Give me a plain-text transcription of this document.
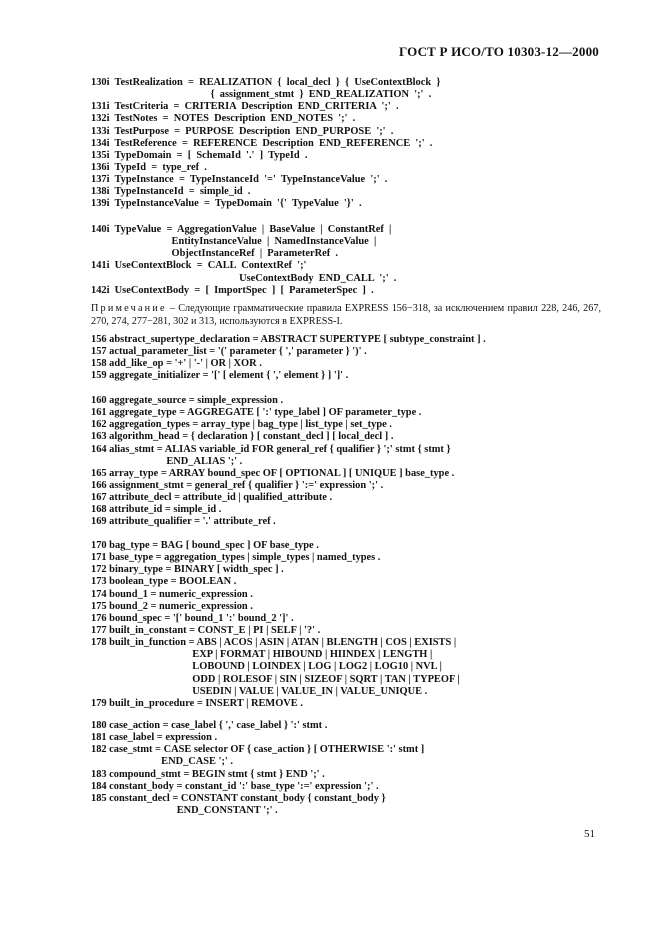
ГОСТ Р ИСО/ТО 10303-12—2000
130i  TestRealization  =  REALIZATION  {  local_decl  }  {  UseContextBlock  }
{  assignment_stmt  }  END_REALIZATION  ';'  .
131i  TestCriteria  =  CRITERIA  Description  END_CRITERIA  ';'  .
132i  TestNotes  =  NOTES  Description  END_NOTES  ';'  .
133i  TestPurpose  =  PURPOSE  Description  END_PURPOSE  ';'  .
134i  TestReference  =  REFERENCE  Description  END_REFERENCE  ';'  .
135i  TypeDomain  =  [  SchemaId  '.'  ]  TypeId  .
136i  TypeId  =  type_ref  .
137i  TypeInstance  =  TypeInstanceId  '='  TypeInstanceValue  ';'  .
138i  TypeInstanceId  =  simple_id  .
139i  TypeInstanceValue  =  TypeDomain  '{'  TypeValue  '}'  .
140i  TypeValue  =  AggregationValue  |  BaseValue  |  ConstantRef  |
EntityInstanceValue  |  NamedInstanceValue  |
ObjectInstanceRef  |  ParameterRef  .
141i  UseContextBlock  =  CALL  ContextRef  ';'
UseContextBody  END_CALL  ';'  .
142i  UseContextBody  =  [  ImportSpec  ]  [  ParameterSpec  ]  .
Примечание – Следующие грамматические правила EXPRESS 156−318, за исключением правил 228, 246, 267, 270, 274, 277−281, 302 и 313, используются в EXPRESS-I.
156 abstract_supertype_declaration = ABSTRACT SUPERTYPE [ subtype_constraint ] .
157 actual_parameter_list = '(' parameter { ',' parameter } ')' .
158 add_like_op = '+' | '-' | OR | XOR .
159 aggregate_initializer = '[' [ element { ',' element } ] ']' .
160 aggregate_source = simple_expression .
161 aggregate_type = AGGREGATE [ ':' type_label ] OF parameter_type .
162 aggregation_types = array_type | bag_type | list_type | set_type .
163 algorithm_head = { declaration } [ constant_decl ] [ local_decl ] .
164 alias_stmt = ALIAS variable_id FOR general_ref { qualifier } ';' stmt { stmt }
END_ALIAS ';' .
165 array_type = ARRAY bound_spec OF [ OPTIONAL ] [ UNIQUE ] base_type .
166 assignment_stmt = general_ref { qualifier } ':=' expression ';' .
167 attribute_decl = attribute_id | qualified_attribute .
168 attribute_id = simple_id .
169 attribute_qualifier = '.' attribute_ref .
170 bag_type = BAG [ bound_spec ] OF base_type .
171 base_type = aggregation_types | simple_types | named_types .
172 binary_type = BINARY [ width_spec ] .
173 boolean_type = BOOLEAN .
174 bound_1 = numeric_expression .
175 bound_2 = numeric_expression .
176 bound_spec = '[' bound_1 ':' bound_2 ']' .
177 built_in_constant = CONST_E | PI | SELF | '?' .
178 built_in_function = ABS | ACOS | ASIN | ATAN | BLENGTH | COS | EXISTS |
EXP | FORMAT | HIBOUND | HIINDEX | LENGTH |
LOBOUND | LOINDEX | LOG | LOG2 | LOG10 | NVL |
ODD | ROLESOF | SIN | SIZEOF | SQRT | TAN | TYPEOF |
USEDIN | VALUE | VALUE_IN | VALUE_UNIQUE .
179 built_in_procedure = INSERT | REMOVE .
180 case_action = case_label { ',' case_label } ':' stmt .
181 case_label = expression .
182 case_stmt = CASE selector OF { case_action } [ OTHERWISE ':' stmt ]
END_CASE ';' .
183 compound_stmt = BEGIN stmt { stmt } END ';' .
184 constant_body = constant_id ':' base_type ':=' expression ';' .
185 constant_decl = CONSTANT constant_body { constant_body }
END_CONSTANT ';' .
51
